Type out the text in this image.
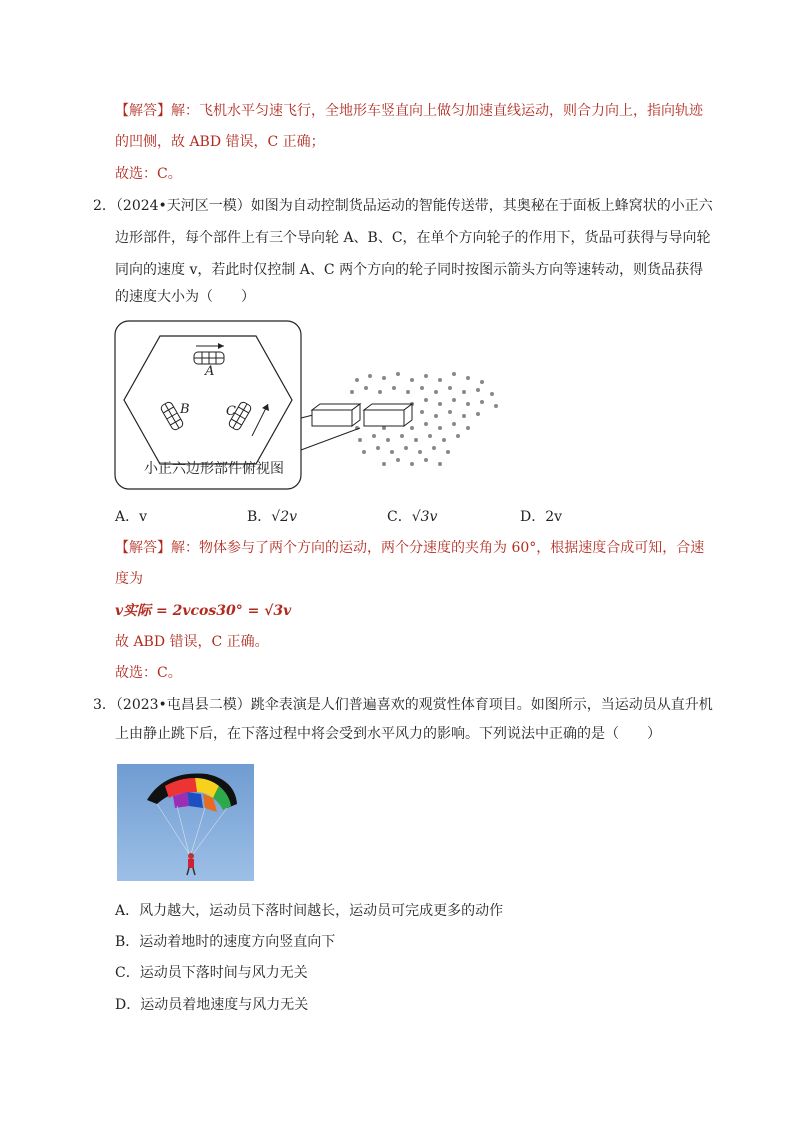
【解答】解：飞机水平匀速飞行，全地形车竖直向上做匀加速直线运动，则合力向上，指向轨迹
的凹侧，故 ABD 错误，C 正确；
故选：C。
2．（2024•天河区一模）如图为自动控制货品运动的智能传送带，其奥秘在于面板上蜂窝状的小正六
边形部件，每个部件上有三个导向轮 A、B、C，在单个方向轮子的作用下，货品可获得与导向轮
同向的速度 v，若此时仅控制 A、C 两个方向的轮子同时按图示箭头方向等速转动，则货品获得
的速度大小为（　　）
A
B	C
小正六边形部件俯视图
A．v	B．√2v	C．√3v	D．2v
【解答】解：物体参与了两个方向的运动，两个分速度的夹角为 60°，根据速度合成可知，合速
度为
v实际 = 2vcos30° = √3v
故 ABD 错误，C 正确。
故选：C。
3．（2023•屯昌县二模）跳伞表演是人们普遍喜欢的观赏性体育项目。如图所示，当运动员从直升机
上由静止跳下后，在下落过程中将会受到水平风力的影响。下列说法中正确的是（　　）
A．风力越大，运动员下落时间越长，运动员可完成更多的动作
B．运动着地时的速度方向竖直向下
C．运动员下落时间与风力无关
D．运动员着地速度与风力无关
